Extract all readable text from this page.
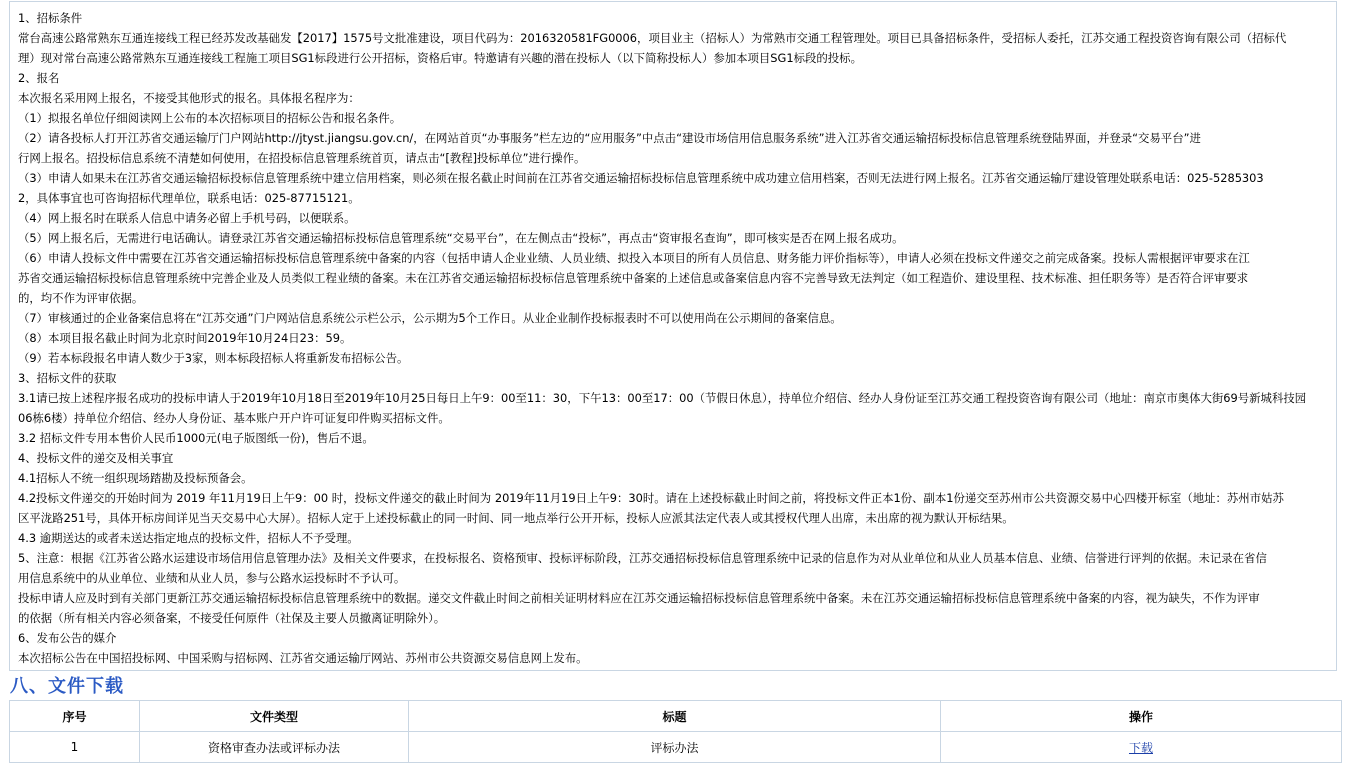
1、招标条件
常台高速公路常熟东互通连接线工程已经苏发改基础发【2017】1575号文批准建设，项目代码为：2016320581FG0006，项目业主（招标人）为常熟市交通工程管理处。项目已具备招标条件，受招标人委托，江苏交通工程投资咨询有限公司（招标代
理）现对常台高速公路常熟东互通连接线工程施工项目SG1标段进行公开招标，资格后审。特邀请有兴趣的潜在投标人（以下简称投标人）参加本项目SG1标段的投标。
2、报名
本次报名采用网上报名，不接受其他形式的报名。具体报名程序为：
（1）拟报名单位仔细阅读网上公布的本次招标项目的招标公告和报名条件。
（2）请各投标人打开江苏省交通运输厅门户网站http://jtyst.jiangsu.gov.cn/，在网站首页“办事服务”栏左边的“应用服务”中点击“建设市场信用信息服务系统”进入江苏省交通运输招标投标信息管理系统登陆界面，并登录“交易平台”进
行网上报名。招投标信息系统不清楚如何使用，在招投标信息管理系统首页，请点击“[教程]投标单位”进行操作。
（3）申请人如果未在江苏省交通运输招标投标信息管理系统中建立信用档案，则必须在报名截止时间前在江苏省交通运输招标投标信息管理系统中成功建立信用档案，否则无法进行网上报名。江苏省交通运输厅建设管理处联系电话：025-5285303
2，具体事宜也可咨询招标代理单位，联系电话：025-87715121。
（4）网上报名时在联系人信息中请务必留上手机号码，以便联系。
（5）网上报名后，无需进行电话确认。请登录江苏省交通运输招标投标信息管理系统“交易平台”，在左侧点击“投标”，再点击“资审报名查询”，即可核实是否在网上报名成功。
（6）申请人投标文件中需要在江苏省交通运输招标投标信息管理系统中备案的内容（包括申请人企业业绩、人员业绩、拟投入本项目的所有人员信息、财务能力评价指标等），申请人必须在投标文件递交之前完成备案。投标人需根据评审要求在江
苏省交通运输招标投标信息管理系统中完善企业及人员类似工程业绩的备案。未在江苏省交通运输招标投标信息管理系统中备案的上述信息或备案信息内容不完善导致无法判定（如工程造价、建设里程、技术标准、担任职务等）是否符合评审要求
的，均不作为评审依据。
（7）审核通过的企业备案信息将在“江苏交通”门户网站信息系统公示栏公示，公示期为5个工作日。从业企业制作投标报表时不可以使用尚在公示期间的备案信息。
（8）本项目报名截止时间为北京时间2019年10月24日23：59。
（9）若本标段报名申请人数少于3家，则本标段招标人将重新发布招标公告。
3、招标文件的获取
3.1请已按上述程序报名成功的投标申请人于2019年10月18日至2019年10月25日每日上午9：00至11：30，下午13：00至17：00（节假日休息），持单位介绍信、经办人身份证至江苏交通工程投资咨询有限公司（地址：南京市奥体大街69号新城科技园
06栋6楼）持单位介绍信、经办人身份证、基本账户开户许可证复印件购买招标文件。
3.2 招标文件专用本售价人民币1000元(电子版图纸一份)，售后不退。
4、投标文件的递交及相关事宜
4.1招标人不统一组织现场踏勘及投标预备会。
4.2投标文件递交的开始时间为 2019 年11月19日上午9：00 时，投标文件递交的截止时间为 2019年11月19日上午9：30时。请在上述投标截止时间之前，将投标文件正本1份、副本1份递交至苏州市公共资源交易中心四楼开标室（地址：苏州市姑苏
区平泷路251号，具体开标房间详见当天交易中心大屏）。招标人定于上述投标截止的同一时间、同一地点举行公开开标，投标人应派其法定代表人或其授权代理人出席，未出席的视为默认开标结果。
4.3 逾期送达的或者未送达指定地点的投标文件，招标人不予受理。
5、注意：根据《江苏省公路水运建设市场信用信息管理办法》及相关文件要求，在投标报名、资格预审、投标评标阶段，江苏交通招标投标信息管理系统中记录的信息作为对从业单位和从业人员基本信息、业绩、信誉进行评判的依据。未记录在省信
用信息系统中的从业单位、业绩和从业人员，参与公路水运投标时不予认可。
投标申请人应及时到有关部门更新江苏交通运输招标投标信息管理系统中的数据。递交文件截止时间之前相关证明材料应在江苏交通运输招标投标信息管理系统中备案。未在江苏交通运输招标投标信息管理系统中备案的内容，视为缺失，不作为评审
的依据（所有相关内容必须备案，不接受任何原件（社保及主要人员撤离证明除外）。
6、发布公告的媒介
本次招标公告在中国招投标网、中国采购与招标网、江苏省交通运输厅网站、苏州市公共资源交易信息网上发布。
八、文件下载
序号	文件类型	标题	操作
1	资格审查办法或评标办法	评标办法	下载
